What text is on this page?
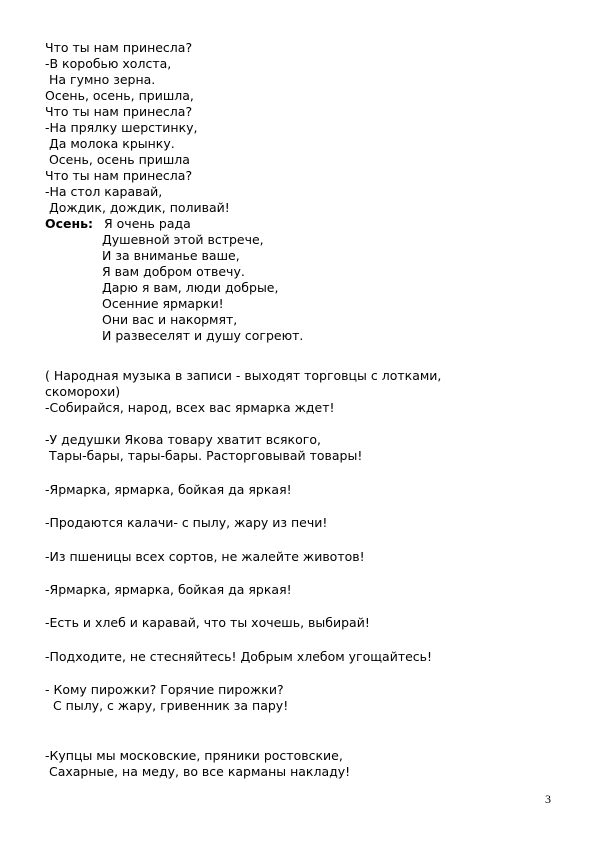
Что ты нам принесла?
-В коробью холста,
На гумно зерна.
Осень, осень, пришла,
Что ты нам принесла?
-На прялку шерстинку,
Да молока крынку.
Осень, осень пришла
Что ты нам принесла?
-На стол каравай,
Дождик, дождик, поливай!
Осень: Я очень рада
Душевной этой встрече,
И за вниманье ваше,
Я вам добром отвечу.
Дарю я вам, люди добрые,
Осенние ярмарки!
Они вас и накормят,
И развеселят и душу согреют.
( Народная музыка в записи - выходят торговцы с лотками,
скоморохи)
-Собирайся, народ, всех вас ярмарка ждет!
-У дедушки Якова товару хватит всякого,
Тары-бары, тары-бары. Расторговывай товары!
-Ярмарка, ярмарка, бойкая да яркая!
-Продаются калачи- с пылу, жару из печи!
-Из пшеницы всех сортов, не жалейте животов!
-Ярмарка, ярмарка, бойкая да яркая!
-Есть и хлеб и каравай, что ты хочешь, выбирай!
-Подходите, не стесняйтесь! Добрым хлебом угощайтесь!
- Кому пирожки? Горячие пирожки?
С пылу, с жару, гривенник за пару!
-Купцы мы московские, пряники ростовские,
Сахарные, на меду, во все карманы накладу!
3
